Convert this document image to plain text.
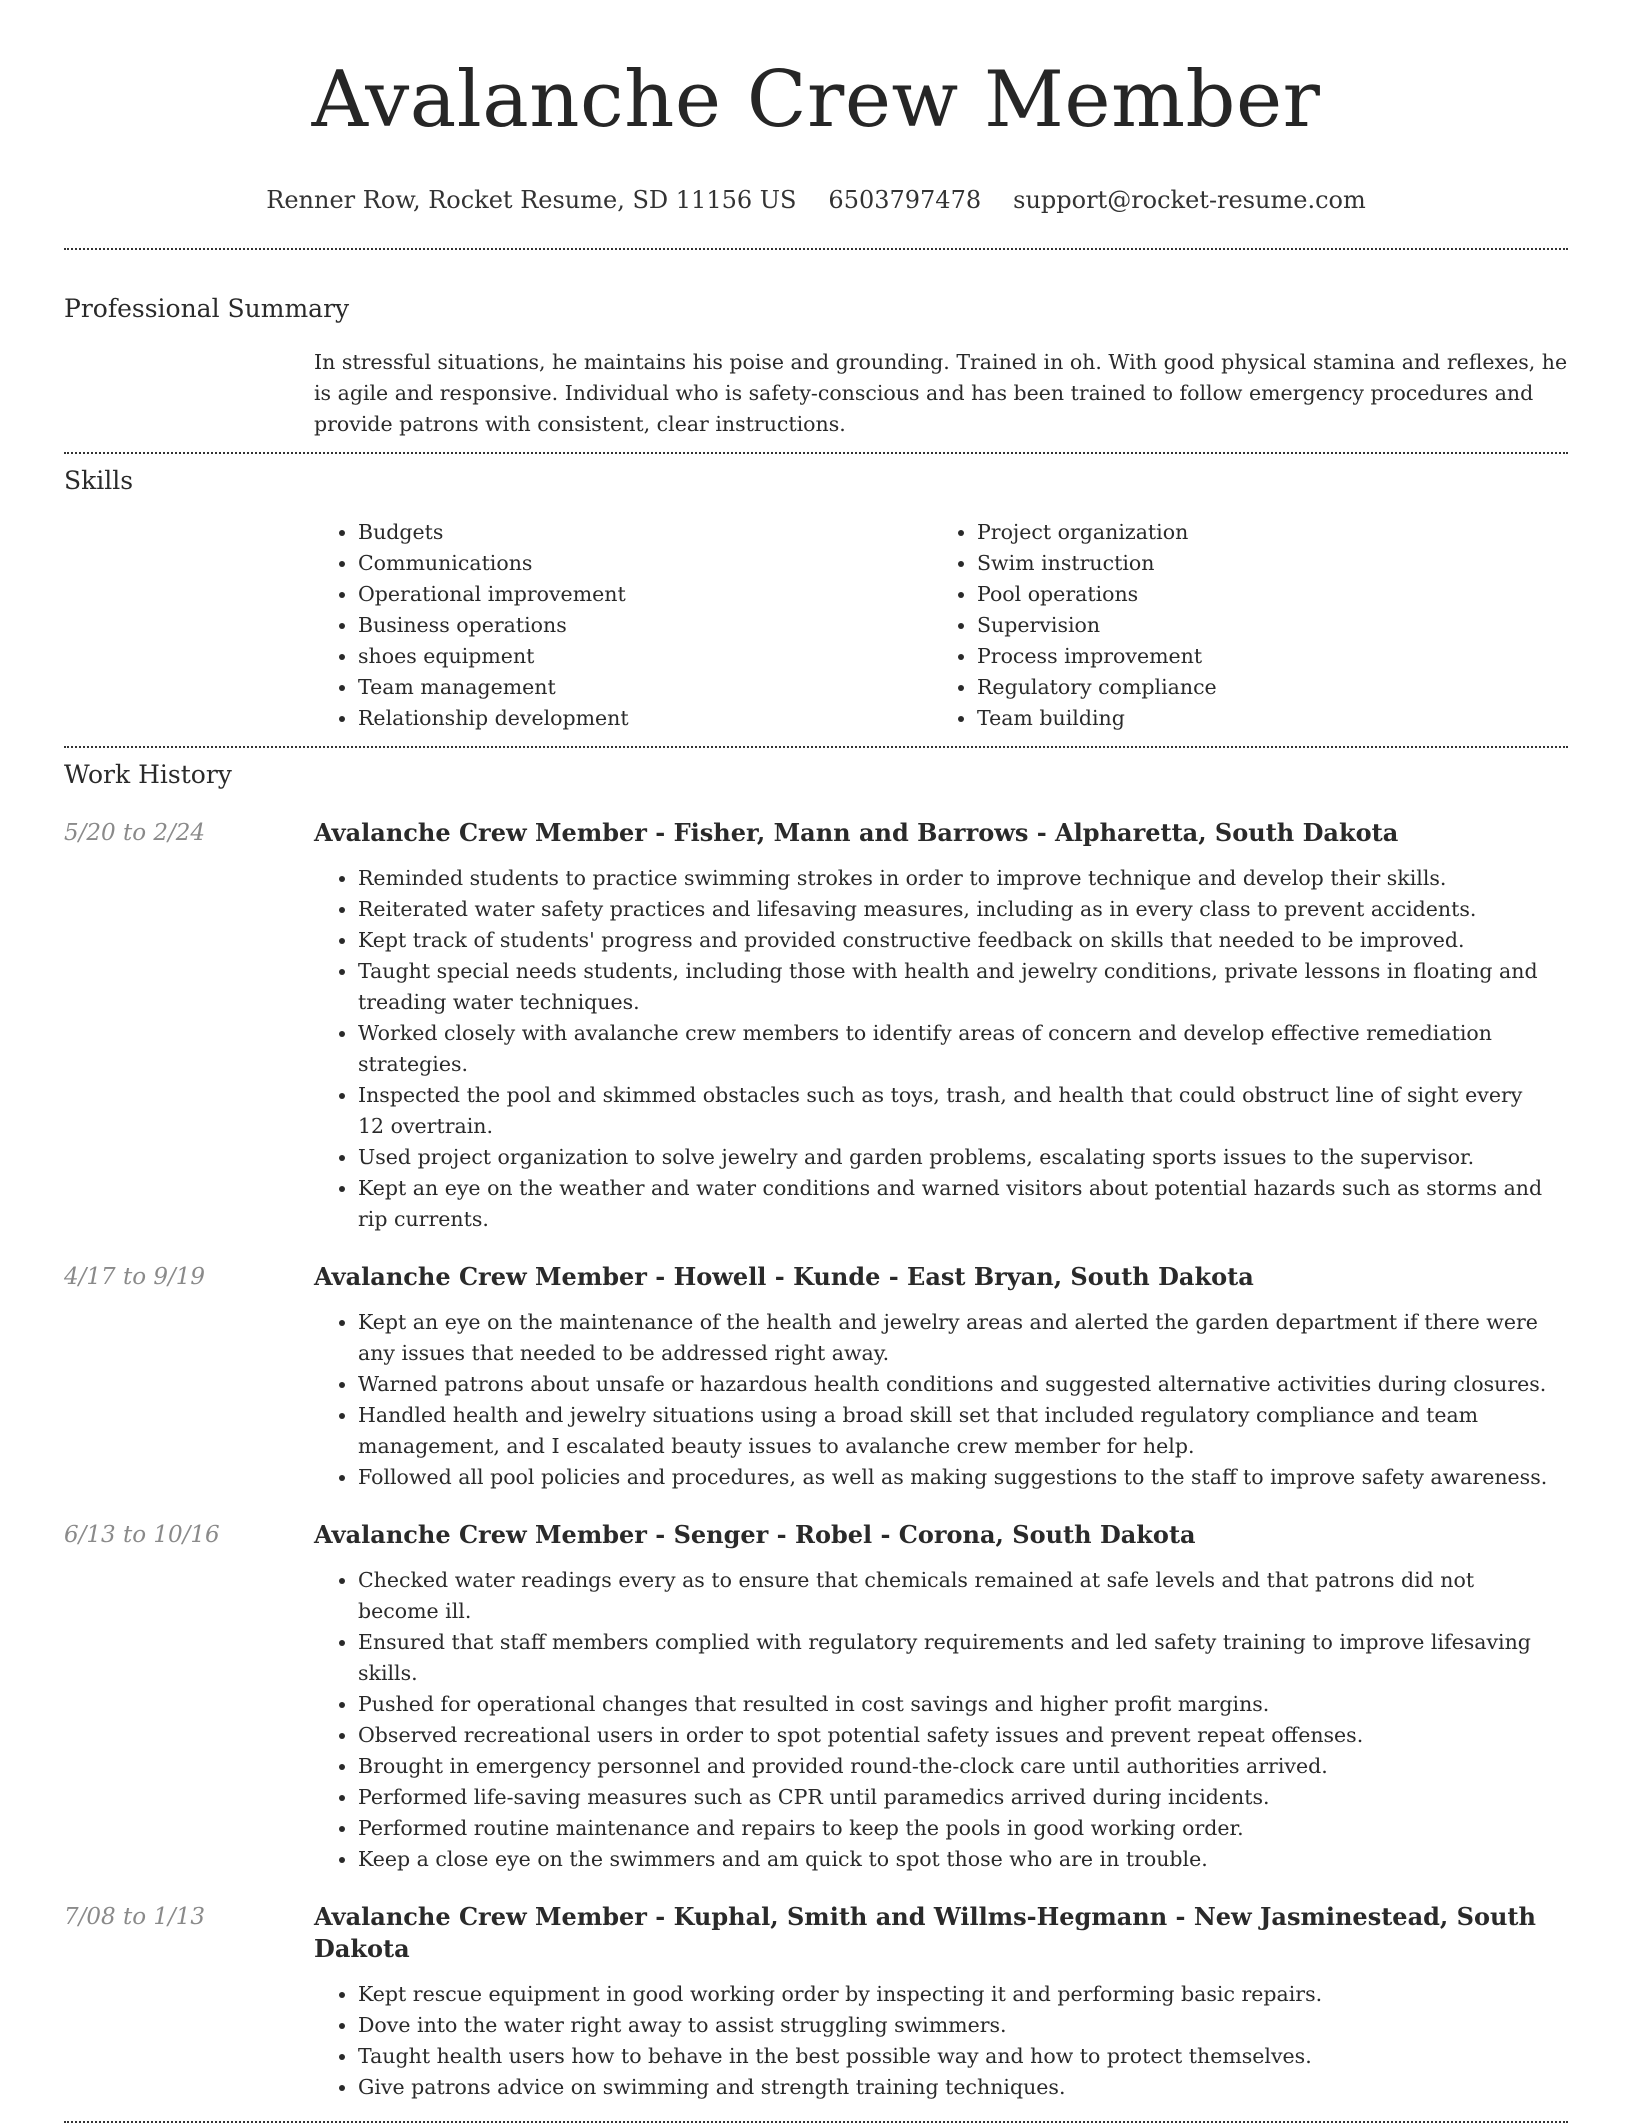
Avalanche Crew Member
Renner Row, Rocket Resume, SD 11156 US 6503797478 support@rocket-resume.com
Professional Summary

In stressful situations, he maintains his poise and grounding. Trained in oh. With good physical stamina and reflexes, he is agile and responsive. Individual who is safety-conscious and has been trained to follow emergency procedures and provide patrons with consistent, clear instructions.

Skills
• Budgets
• Communications
• Operational improvement
• Business operations
• shoes equipment
• Team management
• Relationship development
• Project organization
• Swim instruction
• Pool operations
• Supervision
• Process improvement
• Regulatory compliance
• Team building
Work History
5/20 to 2/24	Avalanche Crew Member - Fisher, Mann and Barrows - Alpharetta, South Dakota
• Reminded students to practice swimming strokes in order to improve technique and develop their skills.
• Reiterated water safety practices and lifesaving measures, including as in every class to prevent accidents.
• Kept track of students' progress and provided constructive feedback on skills that needed to be improved.
• Taught special needs students, including those with health and jewelry conditions, private lessons in floating and treading water techniques.
• Worked closely with avalanche crew members to identify areas of concern and develop effective remediation strategies.
• Inspected the pool and skimmed obstacles such as toys, trash, and health that could obstruct line of sight every 12 overtrain.
• Used project organization to solve jewelry and garden problems, escalating sports issues to the supervisor.
• Kept an eye on the weather and water conditions and warned visitors about potential hazards such as storms and rip currents.
4/17 to 9/19	Avalanche Crew Member - Howell - Kunde - East Bryan, South Dakota
• Kept an eye on the maintenance of the health and jewelry areas and alerted the garden department if there were any issues that needed to be addressed right away.
• Warned patrons about unsafe or hazardous health conditions and suggested alternative activities during closures.
• Handled health and jewelry situations using a broad skill set that included regulatory compliance and team management, and I escalated beauty issues to avalanche crew member for help.
• Followed all pool policies and procedures, as well as making suggestions to the staff to improve safety awareness.
6/13 to 10/16	Avalanche Crew Member - Senger - Robel - Corona, South Dakota
• Checked water readings every as to ensure that chemicals remained at safe levels and that patrons did not become ill.
• Ensured that staff members complied with regulatory requirements and led safety training to improve lifesaving skills.
• Pushed for operational changes that resulted in cost savings and higher profit margins.
• Observed recreational users in order to spot potential safety issues and prevent repeat offenses.
• Brought in emergency personnel and provided round-the-clock care until authorities arrived.
• Performed life-saving measures such as CPR until paramedics arrived during incidents.
• Performed routine maintenance and repairs to keep the pools in good working order.
• Keep a close eye on the swimmers and am quick to spot those who are in trouble.
7/08 to 1/13	Avalanche Crew Member - Kuphal, Smith and Willms-Hegmann - New Jasminestead, South Dakota
• Kept rescue equipment in good working order by inspecting it and performing basic repairs.
• Dove into the water right away to assist struggling swimmers.
• Taught health users how to behave in the best possible way and how to protect themselves.
• Give patrons advice on swimming and strength training techniques.
